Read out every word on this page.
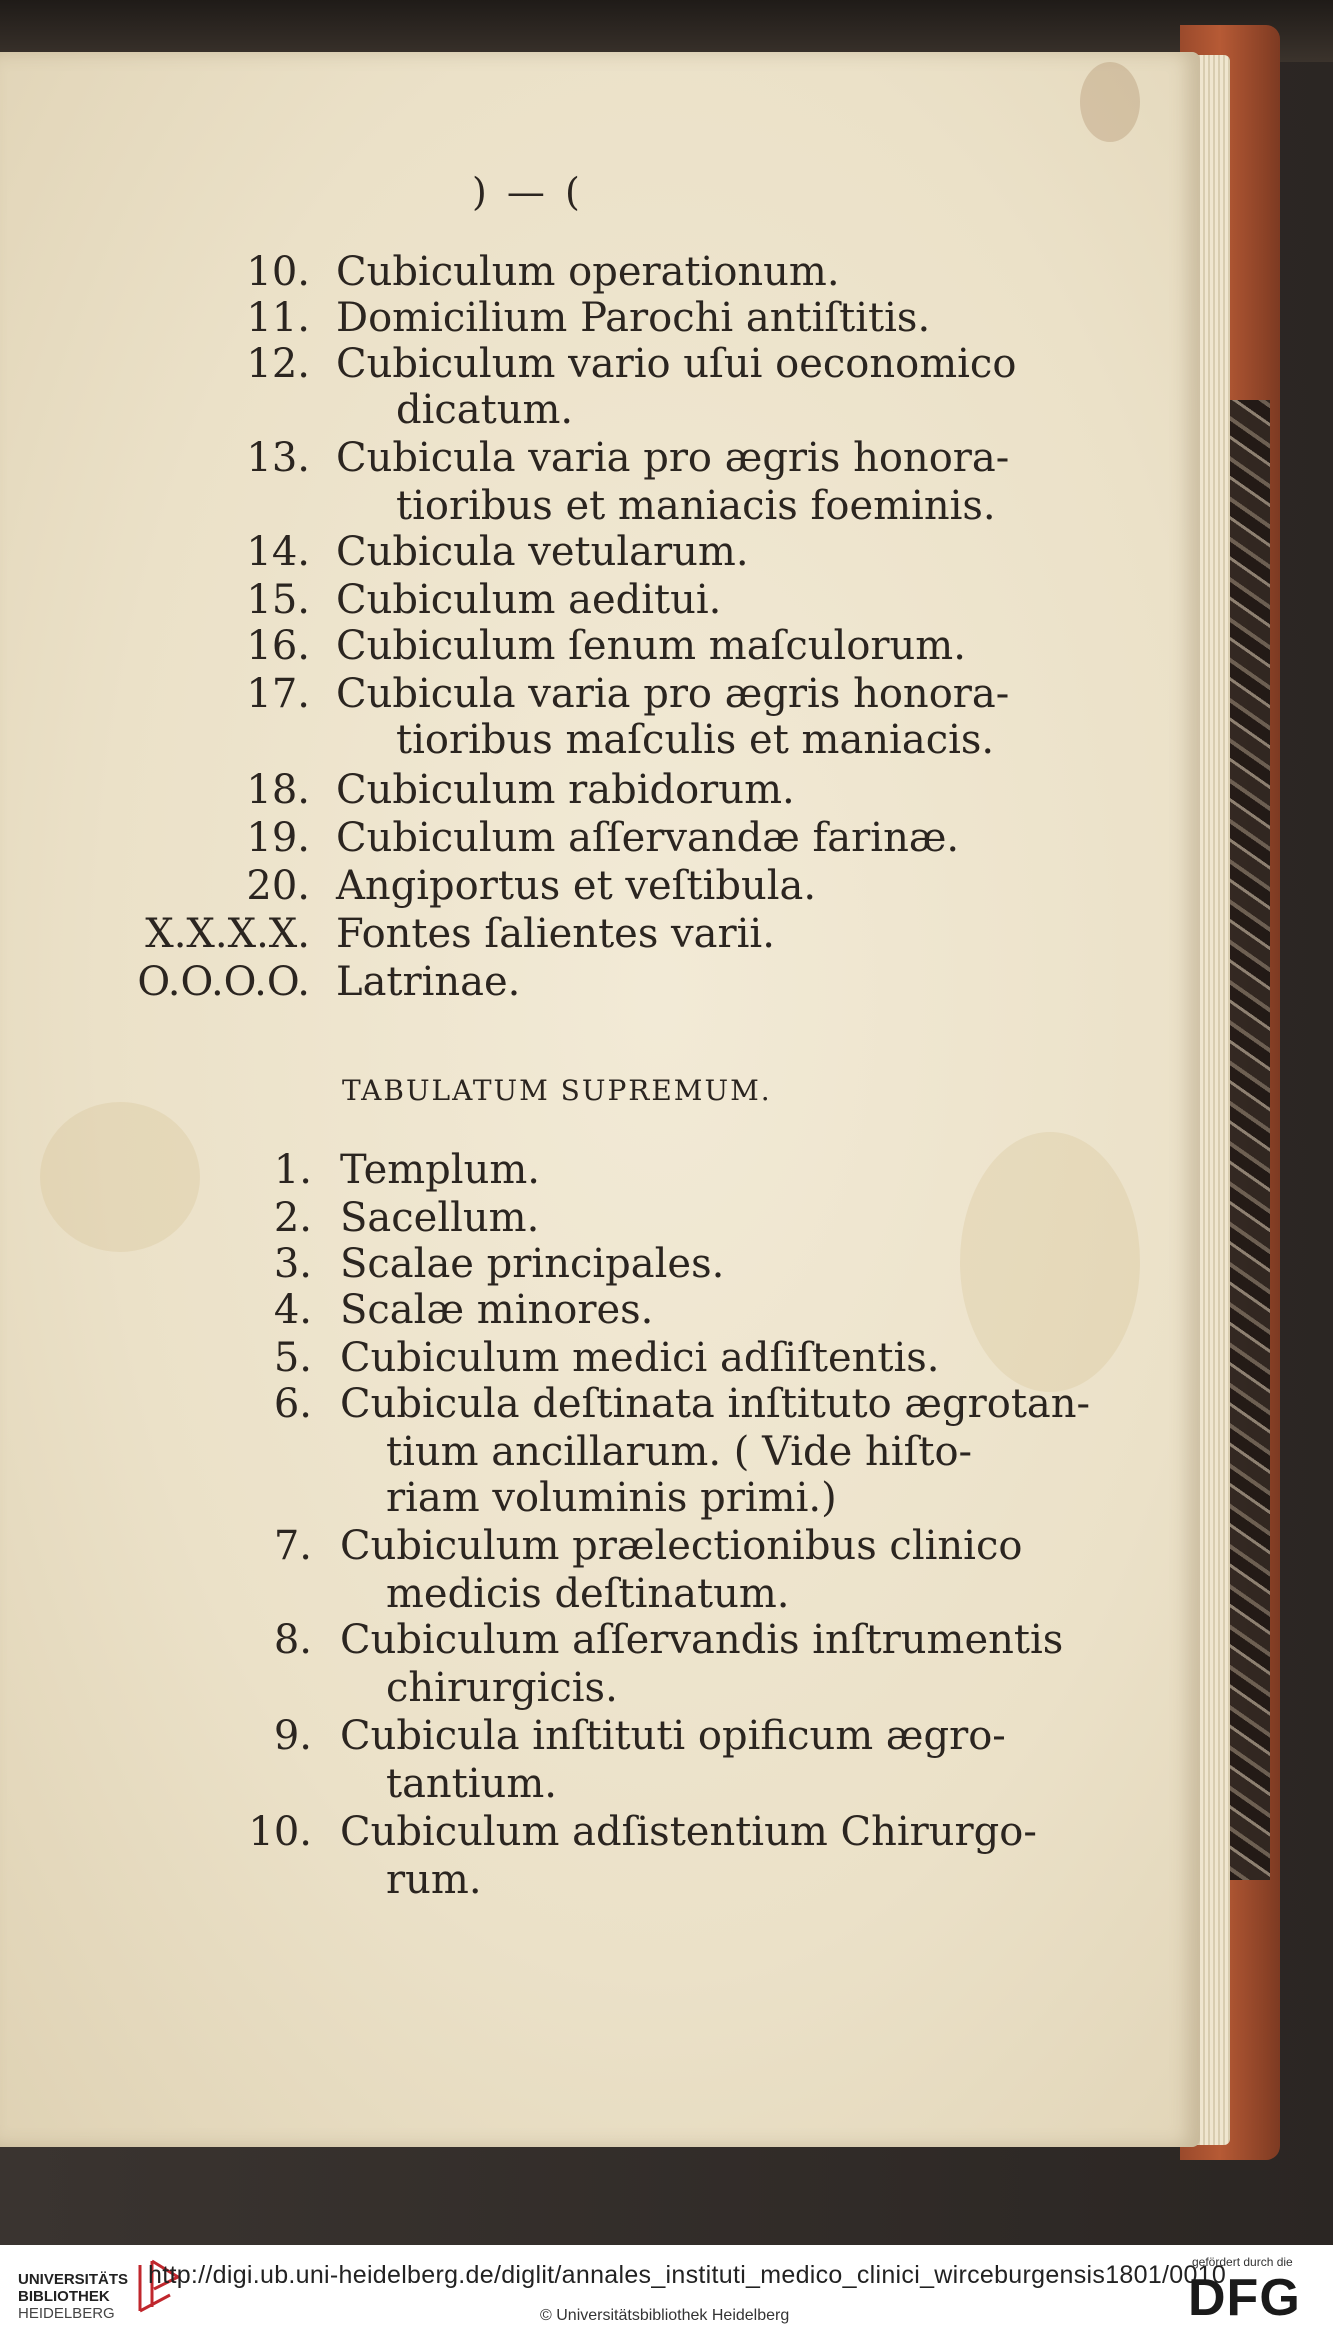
) — (
10. Cubiculum operationum.
11. Domicilium Parochi antiſtitis.
12. Cubiculum vario uſui oeconomico
dicatum.
13. Cubicula varia pro ægris honora-
tioribus et maniacis foeminis.
14. Cubicula vetularum.
15. Cubiculum aeditui.
16. Cubiculum ſenum maſculorum.
17. Cubicula varia pro ægris honora-
tioribus maſculis et maniacis.
18. Cubiculum rabidorum.
19. Cubiculum aſſervandæ farinæ.
20. Angiportus et veſtibula.
X.X.X.X. Fontes ſalientes varii.
O.O.O.O. Latrinae.
TABULATUM SUPREMUM.
1. Templum.
2. Sacellum.
3. Scalae principales.
4. Scalæ minores.
5. Cubiculum medici adſiſtentis.
6. Cubicula deſtinata inſtituto ægrotan-
tium ancillarum. ( Vide hiſto-
riam voluminis primi.)
7. Cubiculum prælectionibus clinico
medicis deſtinatum.
8. Cubiculum aſſervandis inſtrumentis
chirurgicis.
9. Cubicula inſtituti opificum ægro-
tantium.
10. Cubiculum adſistentium Chirurgo-
rum.
UNIVERSITÄTS
BIBLIOTHEK
HEIDELBERG
http://digi.ub.uni-heidelberg.de/diglit/annales_instituti_medico_clinici_wirceburgensis1801/0010
© Universitätsbibliothek Heidelberg
gefördert durch die
DFG
